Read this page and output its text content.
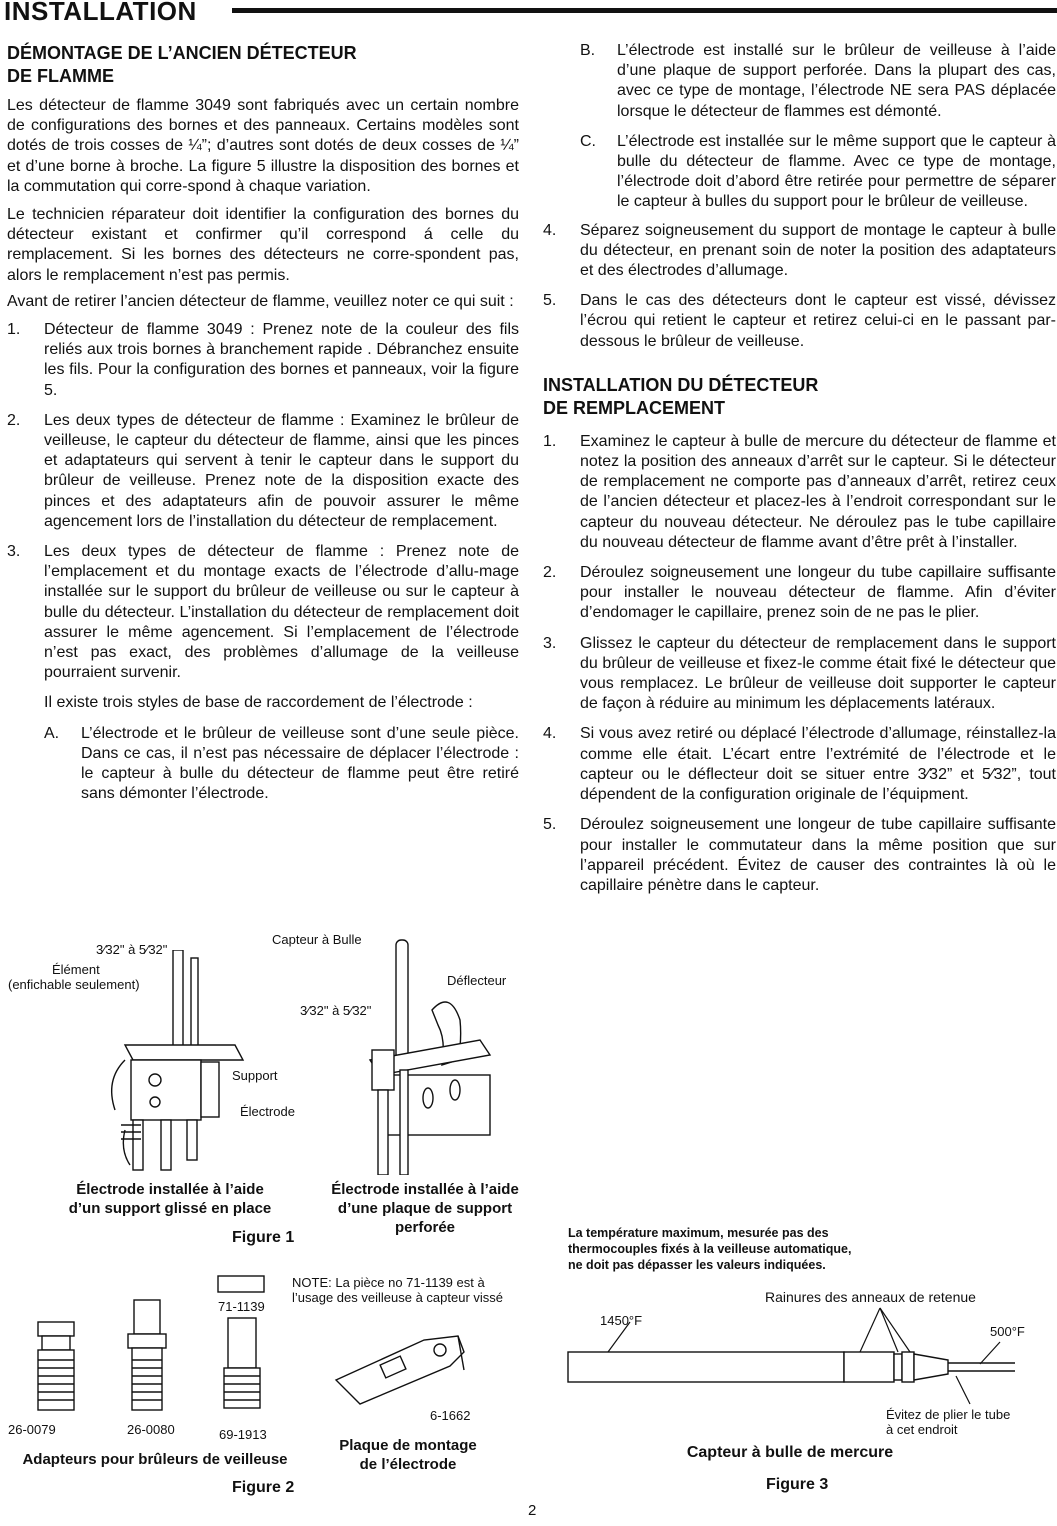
INSTALLATION
DÉMONTAGE DE L’ANCIEN DÉTECTEUR
DE FLAMME
Les détecteur de flamme 3049 sont fabriqués avec un certain nombre de configurations des bornes et des panneaux. Certains modèles sont dotés de trois cosses de ¼”; d’autres sont dotés de deux cosses de ¼” et d’une borne à broche. La figure 5 illustre la disposition des bornes et la commutation qui corre-spond à chaque variation.
Le technicien réparateur doit identifier la configuration des bornes du détecteur existant et confirmer qu’il correspond á celle du remplacement. Si les bornes des détecteurs ne corre-spondent pas, alors le remplacement n’est pas permis.
Avant de retirer l’ancien détecteur de flamme, veuillez noter ce qui suit :
1. Détecteur de flamme 3049 : Prenez note de la couleur des fils reliés aux trois bornes à branchement rapide . Débranchez ensuite les fils. Pour la configuration des bornes et panneaux, voir la figure 5.
2. Les deux types de détecteur de flamme : Examinez le brûleur de veilleuse, le capteur du détecteur de flamme, ainsi que les pinces et adaptateurs qui servent à tenir le capteur dans le support du brûleur de veilleuse. Prenez note de la disposition exacte des pinces et des adaptateurs afin de pouvoir assurer le même agencement lors de l’installation du détecteur de remplacement.
3. Les deux types de détecteur de flamme : Prenez note de l’emplacement et du montage exacts de l’électrode d’allu-mage installée sur le support du brûleur de veilleuse ou sur le capteur à bulle du détecteur. L’installation du détecteur de remplacement doit assurer le même agencement. Si l’emplacement de l’électrode n’est pas exact, des problèmes d’allumage de la veilleuse pourraient survenir.
Il existe trois styles de base de raccordement de l’électrode :
A. L’électrode et le brûleur de veilleuse sont d’une seule pièce. Dans ce cas, il n’est pas nécessaire de déplacer l’électrode : le capteur à bulle du détecteur de flamme peut être retiré sans démonter l’électrode.
B. L’électrode est installé sur le brûleur de veilleuse à l’aide d’une plaque de support perforée. Dans la plupart des cas, avec ce type de montage, l’électrode NE sera PAS déplacée lorsque le détecteur de flammes est démonté.
C. L’électrode est installée sur le même support que le capteur à bulle du détecteur de flamme. Avec ce type de montage, l’électrode doit d’abord être retirée pour permettre de séparer le capteur à bulles du support pour le brûleur de veilleuse.
4. Séparez soigneusement du support de montage le capteur à bulle du détecteur, en prenant soin de noter la position des adaptateurs et des électrodes d’allumage.
5. Dans le cas des détecteurs dont le capteur est vissé, dévissez l’écrou qui retient le capteur et retirez celui-ci en le passant par-dessous le brûleur de veilleuse.
INSTALLATION DU DÉTECTEUR
DE REMPLACEMENT
1. Examinez le capteur à bulle de mercure du détecteur de flamme et notez la position des anneaux d’arrêt sur le capteur. Si le détecteur de remplacement ne comporte pas d’anneaux d’arrêt, retirez ceux de l’ancien détecteur et placez-les à l’endroit correspondant sur le capteur du nouveau détecteur. Ne déroulez pas le tube capillaire du nouveau détecteur de flamme avant d’être prêt à l’installer.
2. Déroulez soigneusement une longeur du tube capillaire suffisante pour installer le nouveau détecteur de flamme. Afin d’éviter d’endomager le capillaire, prenez soin de ne pas le plier.
3. Glissez le capteur du détecteur de remplacement dans le support du brûleur de veilleuse et fixez-le comme était fixé le détecteur que vous remplacez. Le brûleur de veilleuse doit supporter le capteur de façon à réduire au minimum les déplacements latéraux.
4. Si vous avez retiré ou déplacé l’électrode d’allumage, réinstallez-la comme elle était. L’écart entre l’extrémité de l’électrode et le capteur ou le déflecteur doit se situer entre 3⁄32” et 5⁄32”, tout dépendent de la configuration originale de l’équipment.
5. Déroulez soigneusement une longeur de tube capillaire suffisante pour installer le commutateur dans la même position que sur l’appareil précédent. Évitez de causer des contraintes là où le capillaire pénètre dans le capteur.
3⁄32" à 5⁄32"
Élément
(enfichable seulement)
Support
Électrode
Capteur à Bulle
Déflecteur
3⁄32" à 5⁄32"
Électrode installée à l’aide
d’un support glissé en place
Électrode installée à l’aide
d’une plaque de support
perforée
Figure 1
71-1139
NOTE: La pièce no 71-1139 est à
l’usage des veilleuse à capteur vissé
26-0079	26-0080	69-1913
6-1662
Adapteurs pour brûleurs de veilleuse
Plaque de montage
de l’électrode
Figure 2
La température maximum, mesurée pas des
thermocouples fixés à la veilleuse automatique,
ne doit pas dépasser les valeurs indiquées.
Rainures des anneaux de retenue
1450°F
500°F
Évitez de plier le tube
à cet endroit
Capteur à bulle de mercure
Figure 3
2
